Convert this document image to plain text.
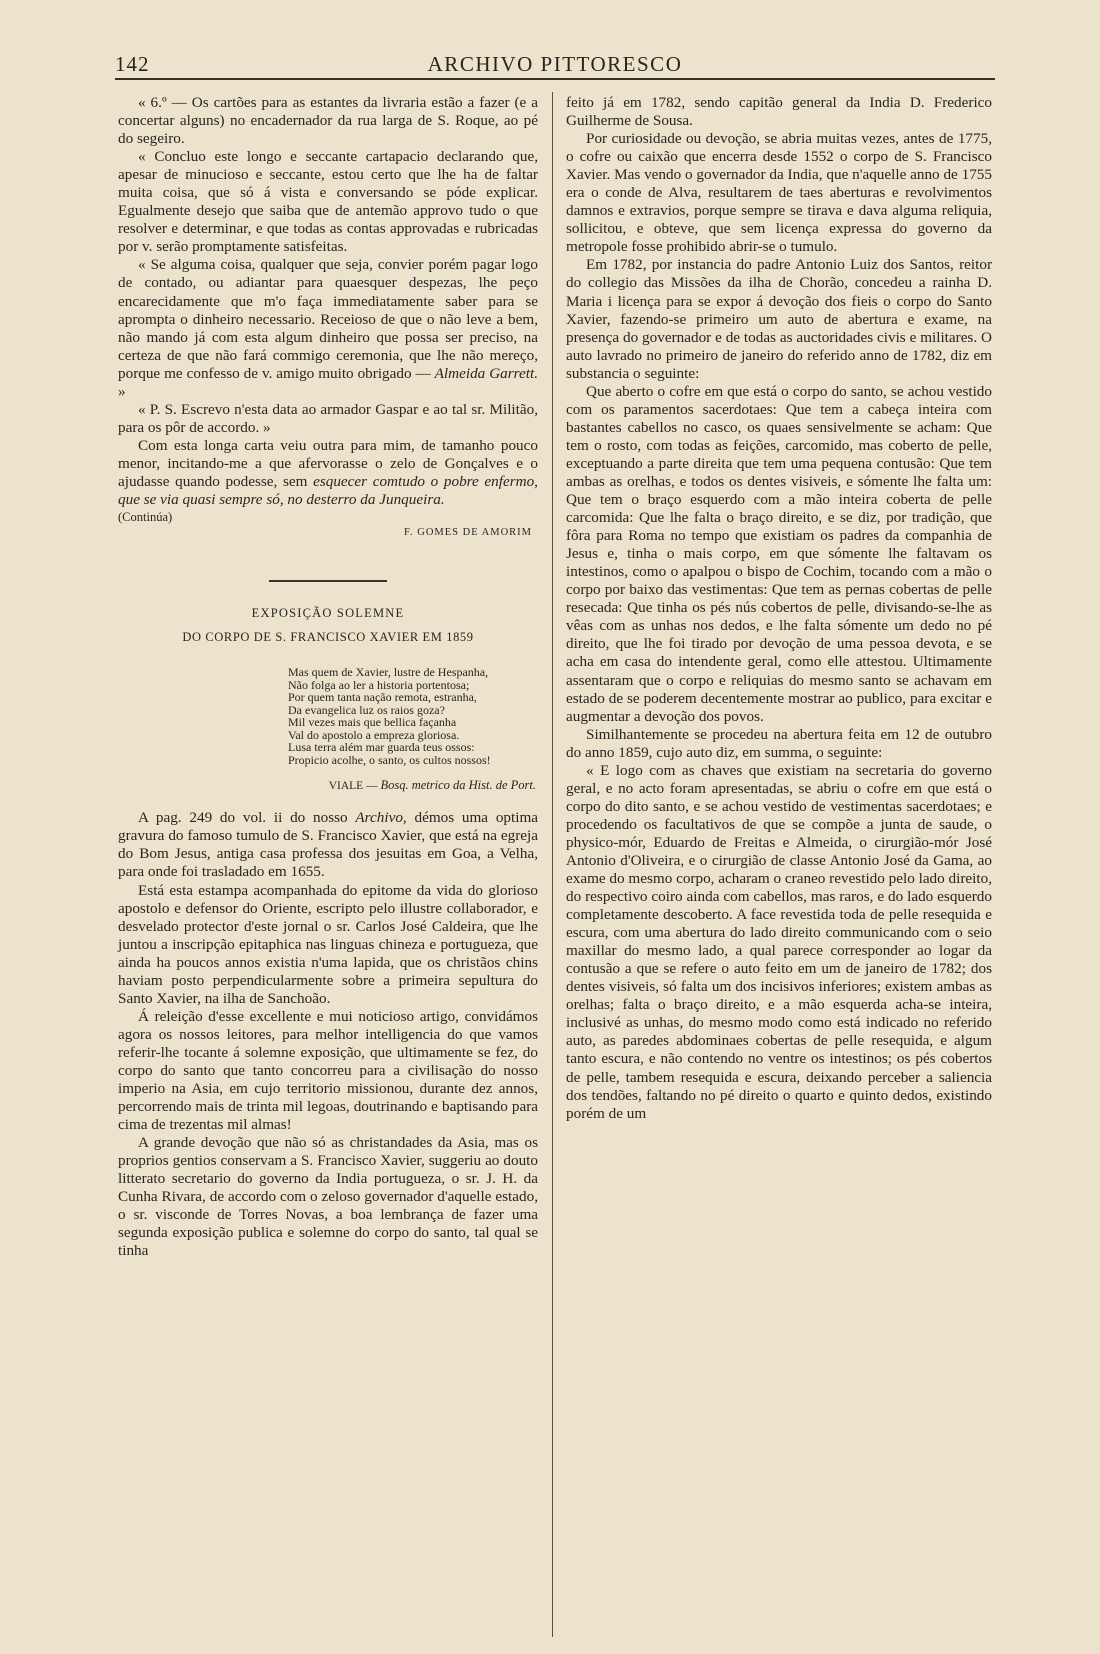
142	ARCHIVO PITTORESCO

« 6.º — Os cartões para as estantes da livraria estão a fazer (e a concertar alguns) no encadernador da rua larga de S. Roque, ao pé do segeiro.

« Concluo este longo e seccante cartapacio declarando que, apesar de minucioso e seccante, estou certo que lhe ha de faltar muita coisa, que só á vista e conversando se póde explicar. Egualmente desejo que saiba que de antemão approvo tudo o que resolver e determinar, e que todas as contas approvadas e rubricadas por v. serão promptamente satisfeitas.

« Se alguma coisa, qualquer que seja, convier porém pagar logo de contado, ou adiantar para quaesquer despezas, lhe peço encarecidamente que m'o faça immediatamente saber para se aprompta o dinheiro necessario. Receioso de que o não leve a bem, não mando já com esta algum dinheiro que possa ser preciso, na certeza de que não fará commigo ceremonia, que lhe não mereço, porque me confesso de v. amigo muito obrigado — Almeida Garrett. »

« P. S. Escrevo n'esta data ao armador Gaspar e ao tal sr. Militão, para os pôr de accordo. »

Com esta longa carta veiu outra para mim, de tamanho pouco menor, incitando-me a que afervorasse o zelo de Gonçalves e o ajudasse quando podesse, sem esquecer comtudo o pobre enfermo, que se via quasi sempre só, no desterro da Junqueira.

(Continúa)

F. GOMES DE AMORIM

EXPOSIÇÃO SOLEMNE

DO CORPO DE S. FRANCISCO XAVIER EM 1859

Mas quem de Xavier, lustre de Hespanha,
Não folga ao ler a historia portentosa;
Por quem tanta nação remota, estranha,
Da evangelica luz os raios goza?
Mil vezes mais que bellica façanha
Val do apostolo a empreza gloriosa.
Lusa terra além mar guarda teus ossos:
Propicio acolhe, o santo, os cultos nossos!

VIALE — Bosq. metrico da Hist. de Port.

A pag. 249 do vol. ii do nosso Archivo, démos uma optima gravura do famoso tumulo de S. Francisco Xavier, que está na egreja do Bom Jesus, antiga casa professa dos jesuitas em Goa, a Velha, para onde foi trasladado em 1655.

Está esta estampa acompanhada do epitome da vida do glorioso apostolo e defensor do Oriente, escripto pelo illustre collaborador, e desvelado protector d'este jornal o sr. Carlos José Caldeira, que lhe juntou a inscripção epitaphica nas linguas chineza e portugueza, que ainda ha poucos annos existia n'uma lapida, que os christãos chins haviam posto perpendicularmente sobre a primeira sepultura do Santo Xavier, na ilha de Sanchoão.

Á releição d'esse excellente e mui noticioso artigo, convidámos agora os nossos leitores, para melhor intelligencia do que vamos referir-lhe tocante á solemne exposição, que ultimamente se fez, do corpo do santo que tanto concorreu para a civilisação do nosso imperio na Asia, em cujo territorio missionou, durante dez annos, percorrendo mais de trinta mil legoas, doutrinando e baptisando para cima de trezentas mil almas!

A grande devoção que não só as christandades da Asia, mas os proprios gentios conservam a S. Francisco Xavier, suggeriu ao douto litterato secretario do governo da India portugueza, o sr. J. H. da Cunha Rivara, de accordo com o zeloso governador d'aquelle estado, o sr. visconde de Torres Novas, a boa lembrança de fazer uma segunda exposição publica e solemne do corpo do santo, tal qual se tinha

feito já em 1782, sendo capitão general da India D. Frederico Guilherme de Sousa.

Por curiosidade ou devoção, se abria muitas vezes, antes de 1775, o cofre ou caixão que encerra desde 1552 o corpo de S. Francisco Xavier. Mas vendo o governador da India, que n'aquelle anno de 1755 era o conde de Alva, resultarem de taes aberturas e revolvimentos damnos e extravios, porque sempre se tirava e dava alguma reliquia, sollicitou, e obteve, que sem licença expressa do governo da metropole fosse prohibido abrir-se o tumulo.

Em 1782, por instancia do padre Antonio Luiz dos Santos, reitor do collegio das Missões da ilha de Chorão, concedeu a rainha D. Maria i licença para se expor á devoção dos fieis o corpo do Santo Xavier, fazendo-se primeiro um auto de abertura e exame, na presença do governador e de todas as auctoridades civis e militares. O auto lavrado no primeiro de janeiro do referido anno de 1782, diz em substancia o seguinte:

Que aberto o cofre em que está o corpo do santo, se achou vestido com os paramentos sacerdotaes: Que tem a cabeça inteira com bastantes cabellos no casco, os quaes sensivelmente se acham: Que tem o rosto, com todas as feições, carcomido, mas coberto de pelle, exceptuando a parte direita que tem uma pequena contusão: Que tem ambas as orelhas, e todos os dentes visiveis, e sómente lhe falta um: Que tem o braço esquerdo com a mão inteira coberta de pelle carcomida: Que lhe falta o braço direito, e se diz, por tradição, que fôra para Roma no tempo que existiam os padres da companhia de Jesus e, tinha o mais corpo, em que sómente lhe faltavam os intestinos, como o apalpou o bispo de Cochim, tocando com a mão o corpo por baixo das vestimentas: Que tem as pernas cobertas de pelle resecada: Que tinha os pés nús cobertos de pelle, divisando-se-lhe as vêas com as unhas nos dedos, e lhe falta sómente um dedo no pé direito, que lhe foi tirado por devoção de uma pessoa devota, e se acha em casa do intendente geral, como elle attestou. Ultimamente assentaram que o corpo e reliquias do mesmo santo se achavam em estado de se poderem decentemente mostrar ao publico, para excitar e augmentar a devoção dos povos.

Similhantemente se procedeu na abertura feita em 12 de outubro do anno 1859, cujo auto diz, em summa, o seguinte:

« E logo com as chaves que existiam na secretaria do governo geral, e no acto foram apresentadas, se abriu o cofre em que está o corpo do dito santo, e se achou vestido de vestimentas sacerdotaes; e procedendo os facultativos de que se compõe a junta de saude, o physico-mór, Eduardo de Freitas e Almeida, o cirurgião-mór José Antonio d'Oliveira, e o cirurgião de classe Antonio José da Gama, ao exame do mesmo corpo, acharam o craneo revestido pelo lado direito, do respectivo coiro ainda com cabellos, mas raros, e do lado esquerdo completamente descoberto. A face revestida toda de pelle resequida e escura, com uma abertura do lado direito communicando com o seio maxillar do mesmo lado, a qual parece corresponder ao logar da contusão a que se refere o auto feito em um de janeiro de 1782; dos dentes visiveis, só falta um dos incisivos inferiores; existem ambas as orelhas; falta o braço direito, e a mão esquerda acha-se inteira, inclusivé as unhas, do mesmo modo como está indicado no referido auto, as paredes abdominaes cobertas de pelle resequida, e algum tanto escura, e não contendo no ventre os intestinos; os pés cobertos de pelle, tambem resequida e escura, deixando perceber a saliencia dos tendões, faltando no pé direito o quarto e quinto dedos, existindo porém de um
